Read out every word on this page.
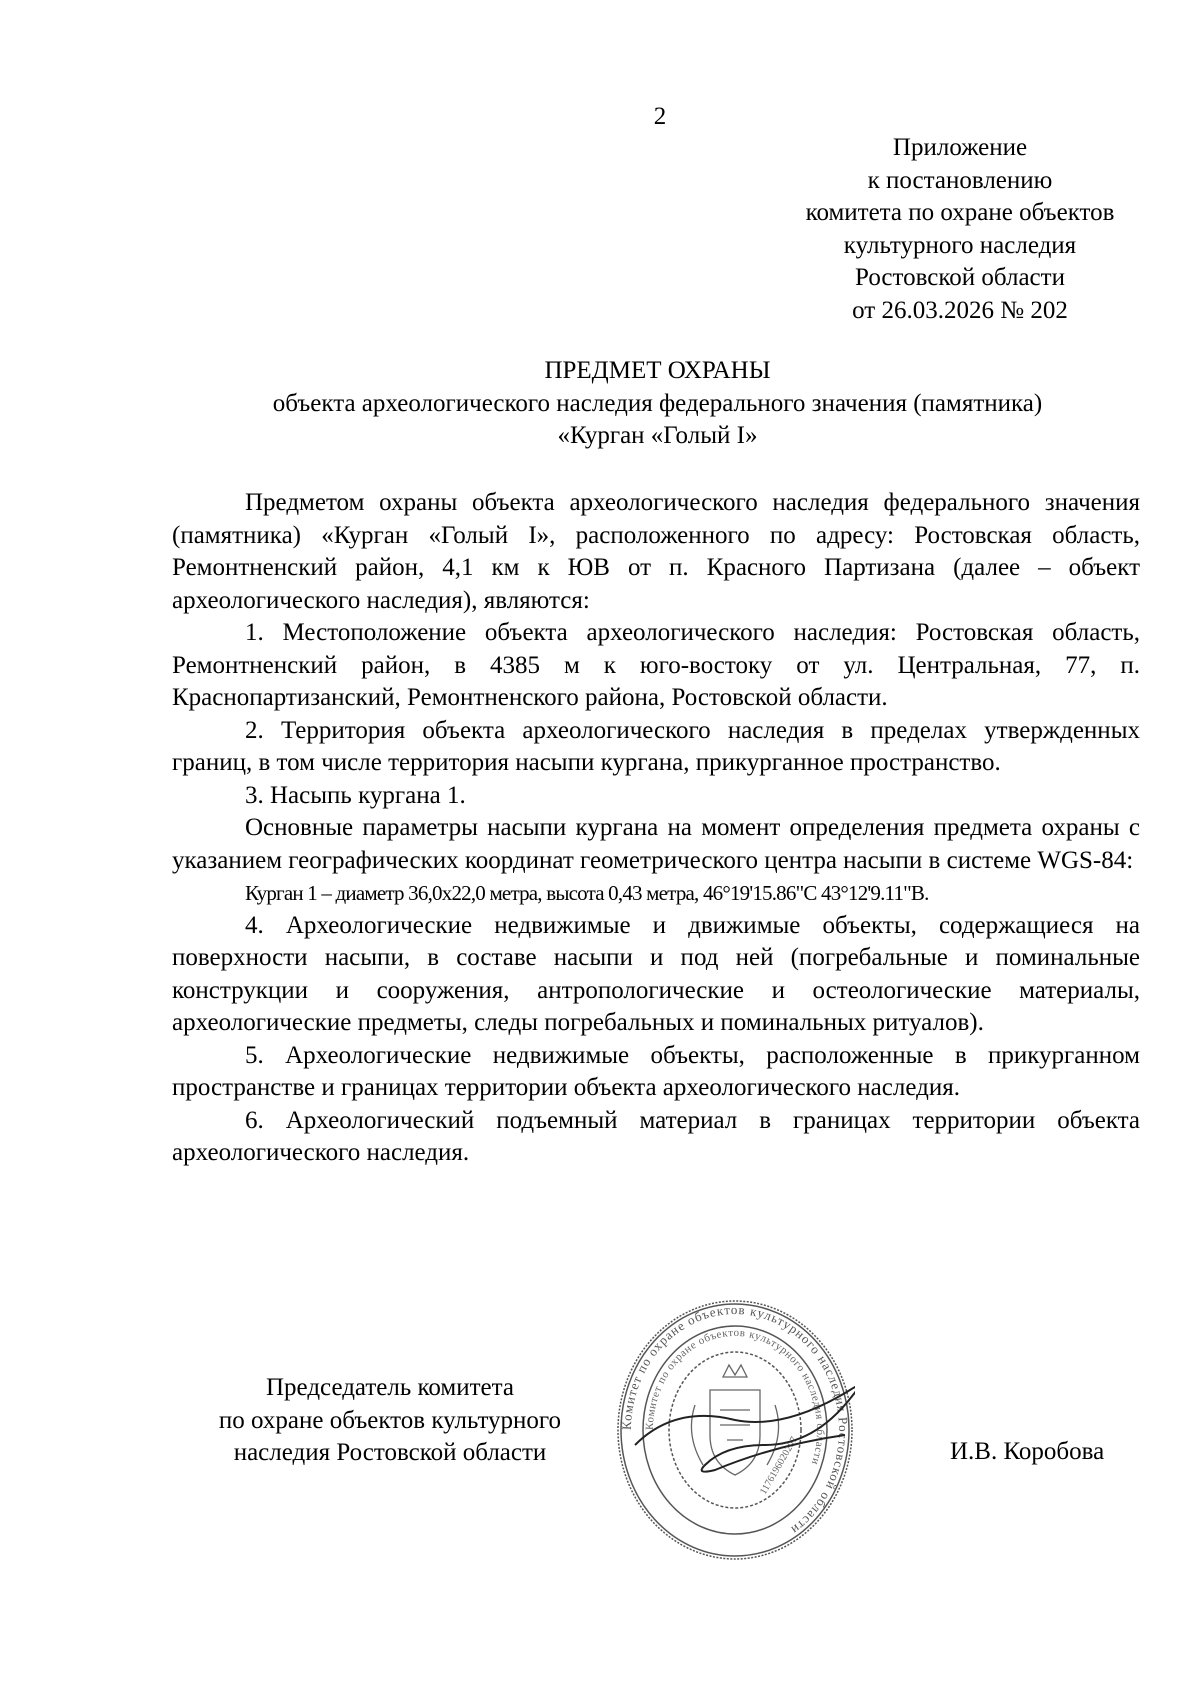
2
Приложение
к постановлению
комитета по охране объектов
культурного наследия
Ростовской области
от 26.03.2026 № 202
ПРЕДМЕТ ОХРАНЫ
объекта археологического наследия федерального значения (памятника)
«Курган «Голый I»

Предметом охраны объекта археологического наследия федерального значения (памятника) «Курган «Голый I», расположенного по адресу: Ростовская область, Ремонтненский район, 4,1 км к ЮВ от п. Красного Партизана (далее – объект археологического наследия), являются:

1. Местоположение объекта археологического наследия: Ростовская область, Ремонтненский район, в 4385 м к юго-востоку от ул. Центральная, 77, п. Краснопартизанский, Ремонтненского района, Ростовской области.

2. Территория объекта археологического наследия в пределах утвержденных границ, в том числе территория насыпи кургана, прикурганное пространство.

3. Насыпь кургана 1.

Основные параметры насыпи кургана на момент определения предмета охраны с указанием географических координат геометрического центра насыпи в системе WGS-84:

Курган 1 – диаметр 36,0х22,0 метра, высота 0,43 метра, 46°19'15.86"С 43°12'9.11"В.

4. Археологические недвижимые и движимые объекты, содержащиеся на поверхности насыпи, в составе насыпи и под ней (погребальные и поминальные конструкции и сооружения, антропологические и остеологические материалы, археологические предметы, следы погребальных и поминальных ритуалов).

5. Археологические недвижимые объекты, расположенные в прикурганном пространстве и границах территории объекта археологического наследия.

6. Археологический подъемный материал в границах территории объекта археологического наследия.

Председатель комитета
по охране объектов культурного
наследия Ростовской области
Комитет по охране объектов культурного наследия Ростовской области
Комитет по охране объектов культурного наследия области
1176196020207	И.В. Коробова
